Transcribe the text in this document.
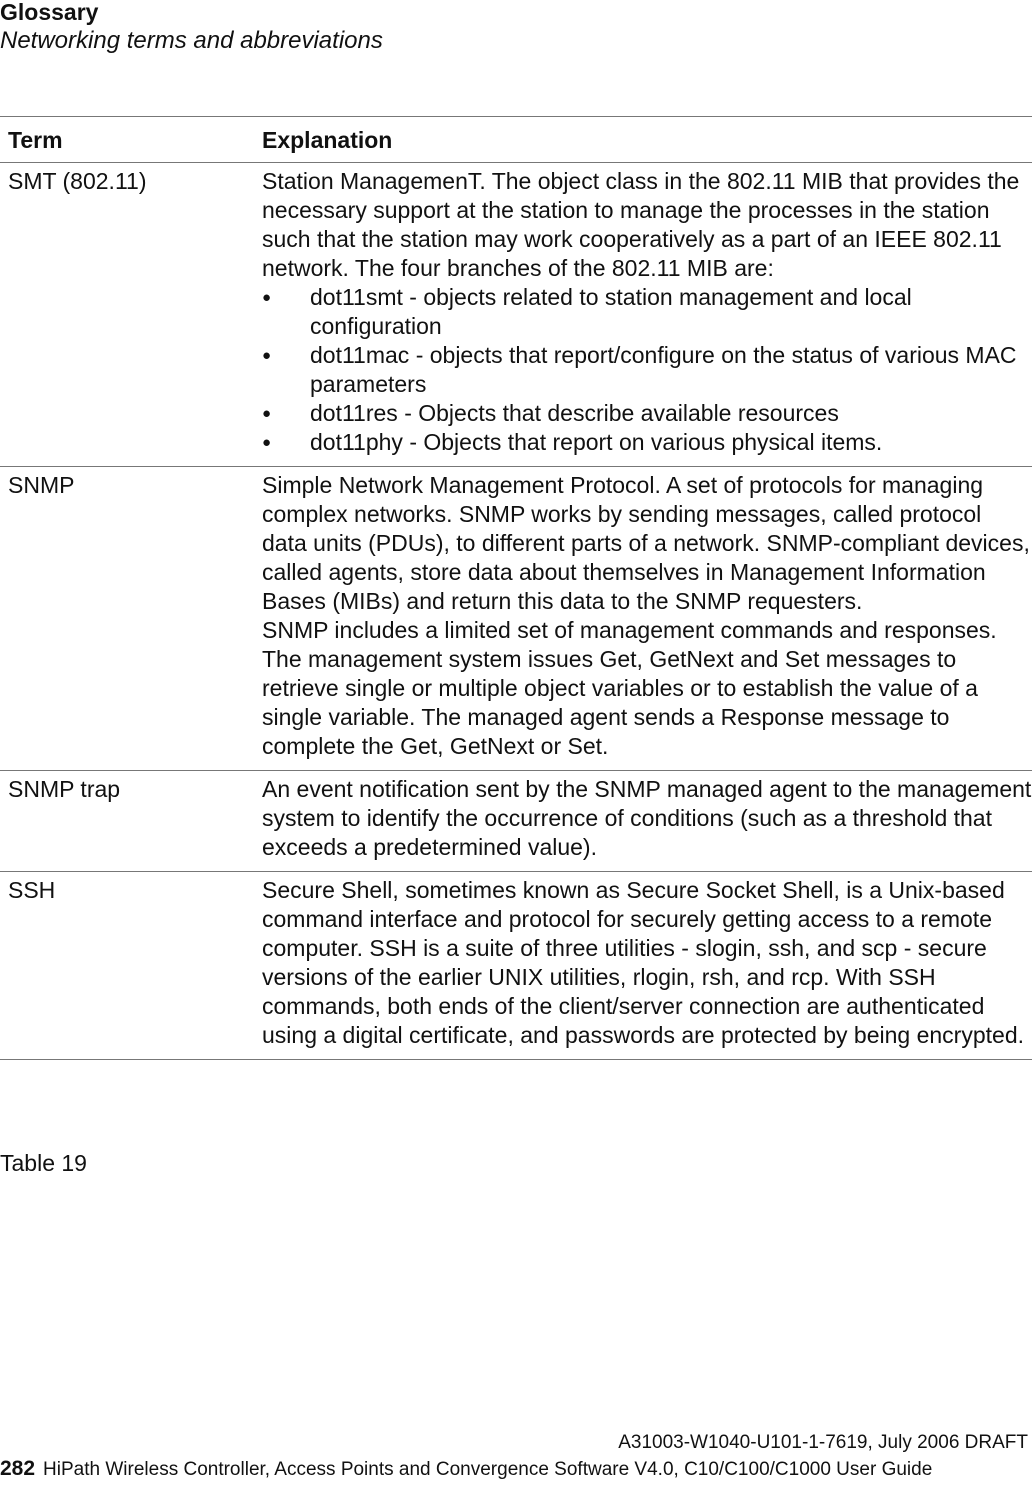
Glossary
Networking terms and abbreviations
Term	Explanation
SMT (802.11)	Station ManagemenT. The object class in the 802.11 MIB that provides the necessary support at the station to manage the processes in the station such that the station may work cooperatively as a part of an IEEE 802.11 network. The four branches of the 802.11 MIB are:
● dot11smt - objects related to station management and local configuration
● dot11mac - objects that report/configure on the status of various MAC parameters
● dot11res - Objects that describe available resources
● dot11phy - Objects that report on various physical items.
SNMP	Simple Network Management Protocol. A set of protocols for managing complex networks. SNMP works by sending messages, called protocol data units (PDUs), to different parts of a network. SNMP-compliant devices, called agents, store data about themselves in Management Information Bases (MIBs) and return this data to the SNMP requesters.
SNMP includes a limited set of management commands and responses. The management system issues Get, GetNext and Set messages to retrieve single or multiple object variables or to establish the value of a single variable. The managed agent sends a Response message to complete the Get, GetNext or Set.
SNMP trap	An event notification sent by the SNMP managed agent to the management system to identify the occurrence of conditions (such as a threshold that exceeds a predetermined value).
SSH	Secure Shell, sometimes known as Secure Socket Shell, is a Unix-based command interface and protocol for securely getting access to a remote computer. SSH is a suite of three utilities - slogin, ssh, and scp - secure versions of the earlier UNIX utilities, rlogin, rsh, and rcp. With SSH commands, both ends of the client/server connection are authenticated using a digital certificate, and passwords are protected by being encrypted.
Table 19
A31003-W1040-U101-1-7619, July 2006 DRAFT
282 HiPath Wireless Controller, Access Points and Convergence Software V4.0, C10/C100/C1000 User Guide
